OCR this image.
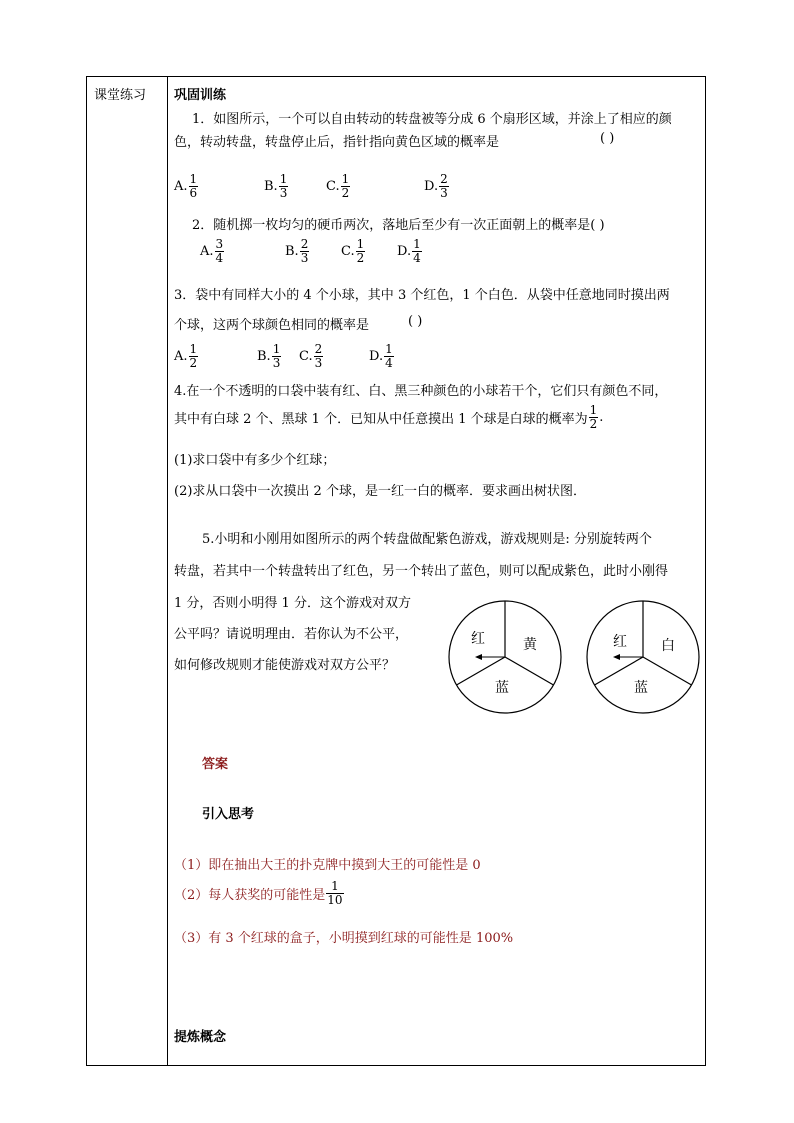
课堂练习 巩固训练
1．如图所示，一个可以自由转动的转盘被等分成 6 个扇形区域，并涂上了相应的颜
色，转动转盘，转盘停止后，指针指向黄色区域的概率是	( )
A. $\frac{1}{6}$	B. $\frac{1}{3}$	C. $\frac{1}{2}$	D. $\frac{2}{3}$
2．随机掷一枚均匀的硬币两次，落地后至少有一次正面朝上的概率是( )
A. $\frac{3}{4}$	B. $\frac{2}{3} C$. $\frac{1}{2} D$. $\frac{1}{4}$
3．袋中有同样大小的 4 个小球，其中 3 个红色，1 个白色．从袋中任意地同时摸出两
个球，这两个球颜色相同的概率是	( )
A. $\frac{1}{2}$	B. $\frac{1}{3} C$. $\frac{2}{3}$	D. $\frac{1}{4}$
4.在一个不透明的口袋中装有红、白、黑三种颜色的小球若干个，它们只有颜色不同，
其中有白球 2 个、黑球 1 个．已知从中任意摸出 1 个球是白球的概率为 $\frac{1}{2}$ .
(1)求口袋中有多少个红球；
(2)求从口袋中一次摸出 2 个球，是一红一白的概率．要求画出树状图．
5.小明和小刚用如图所示的两个转盘做配紫色游戏，游戏规则是: 分别旋转两个
转盘，若其中一个转盘转出了红色，另一个转出了蓝色，则可以配成紫色，此时小刚得
1 分，否则小明得 1 分．这个游戏对双方
公平吗？请说明理由．若你认为不公平，
如何修改规则才能使游戏对双方公平？
红	黄
蓝
红 白
蓝
答案
引入思考
（1）即在抽出大王的扑克牌中摸到大王的可能性是 0
（2）每人获奖的可能性是 $\frac{1}{10}$
（3）有 3 个红球的盒子，小明摸到红球的可能性是 100%
提炼概念
